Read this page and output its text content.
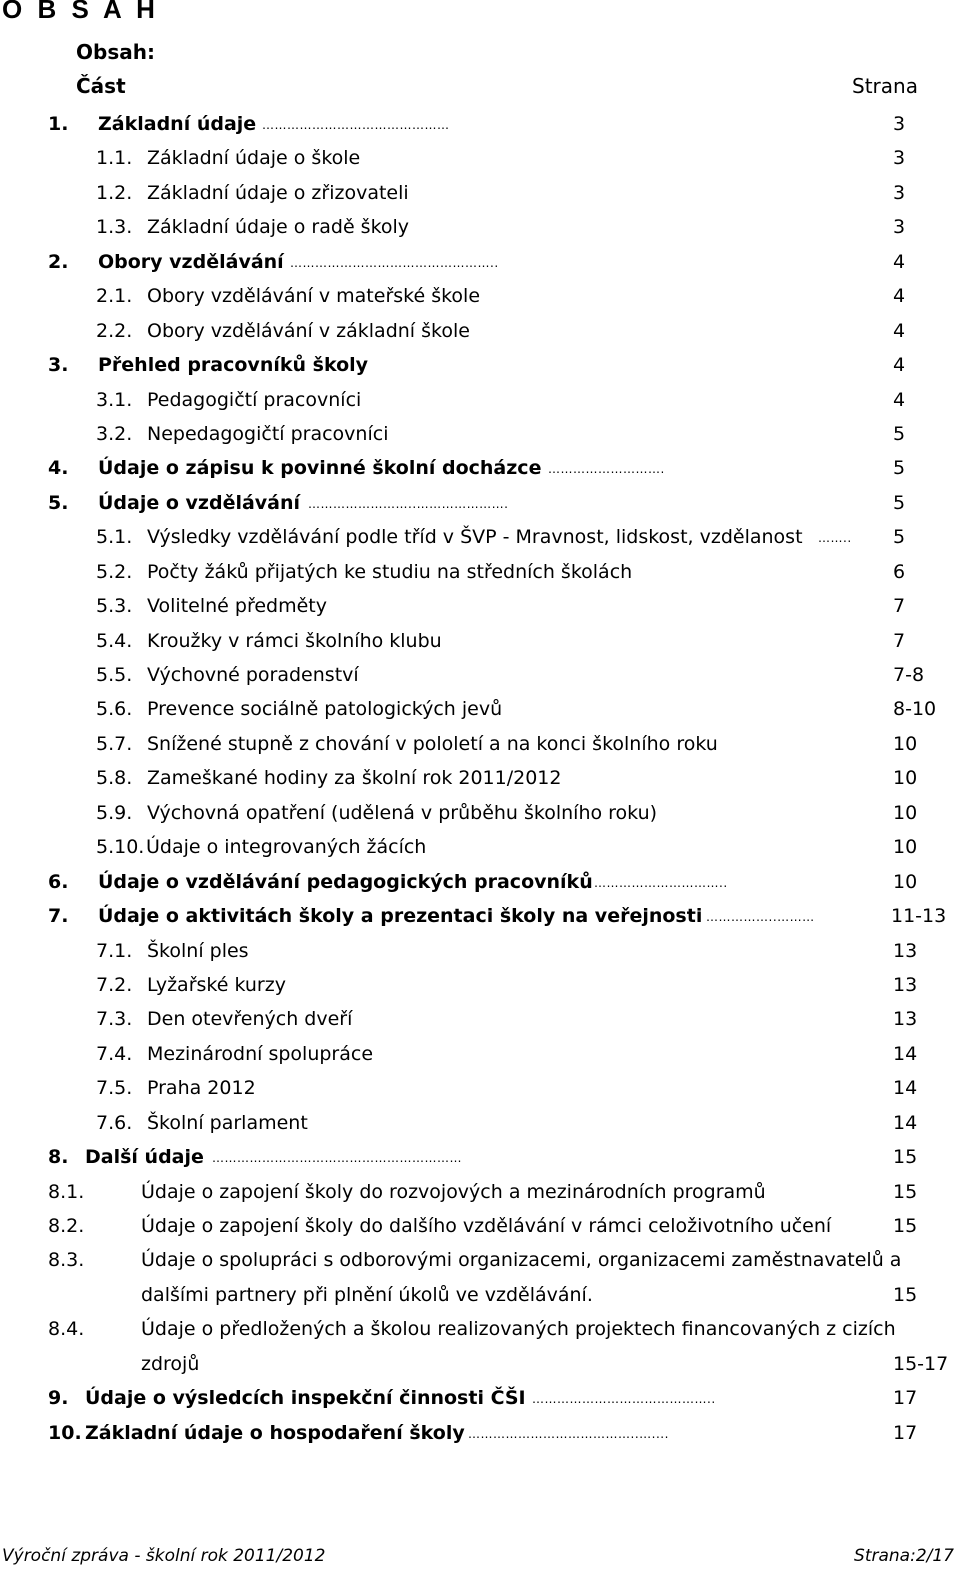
O B S A H
Obsah:
Část	Strana
1. Základní údaje ………………………………………	3
1.1. Základní údaje o škole	3
1.2. Základní údaje o zřizovateli	3
1.3. Základní údaje o radě školy	3
2. Obory vzdělávání …………………………………………..	4
2.1. Obory vzdělávání v mateřské škole	4
2.2. Obory vzdělávání v základní škole	4
3. Přehled pracovníků školy	4
3.1. Pedagogičtí pracovníci	4
3.2. Nepedagogičtí pracovníci	5
4. Údaje o zápisu k povinné školní docházce ……………………….	5
5. Údaje o vzdělávání ……………………..………………….	5
5.1. Výsledky vzdělávání podle tříd v ŠVP - Mravnost, lidskost, vzdělanost ……..	5
5.2. Počty žáků přijatých ke studiu na středních školách	6
5.3. Volitelné předměty	7
5.4. Kroužky v rámci školního klubu	7
5.5. Výchovné poradenství	7-8
5.6. Prevence sociálně patologických jevů	8-10
5.7. Snížené stupně z chování v pololetí a na konci školního roku	10
5.8. Zameškané hodiny za školní rok 2011/2012	10
5.9. Výchovná opatření (udělená v průběhu školního roku)	10
5.10. Údaje o integrovaných žácích	10
6. Údaje o vzdělávání pedagogických pracovníků …………………………..	10
7. Údaje o aktivitách školy a prezentaci školy na veřejnosti ……………..………	11-13
7.1. Školní ples	13
7.2. Lyžařské kurzy	13
7.3. Den otevřených dveří	13
7.4. Mezinárodní spolupráce	14
7.5. Praha 2012	14
7.6. Školní parlament	14
8. Další údaje ……………………………………………………	15
8.1.	Údaje o zapojení školy do rozvojových a mezinárodních programů	15
8.2.	Údaje o zapojení školy do dalšího vzdělávání v rámci celoživotního učení	15
8.3.	Údaje o spolupráci s odborovými organizacemi, organizacemi zaměstnavatelů a
dalšími partnery při plnění úkolů ve vzdělávání.	15
8.4.	Údaje o předložených a školou realizovaných projektech financovaných z cizích
zdrojů	15-17
9. Údaje o výsledcích inspekční činnosti ČŠI ……………………………………..	17
10. Základní údaje o hospodaření školy …………………………………..…....	17
Výroční zpráva - školní rok 2011/2012	Strana:2/17
